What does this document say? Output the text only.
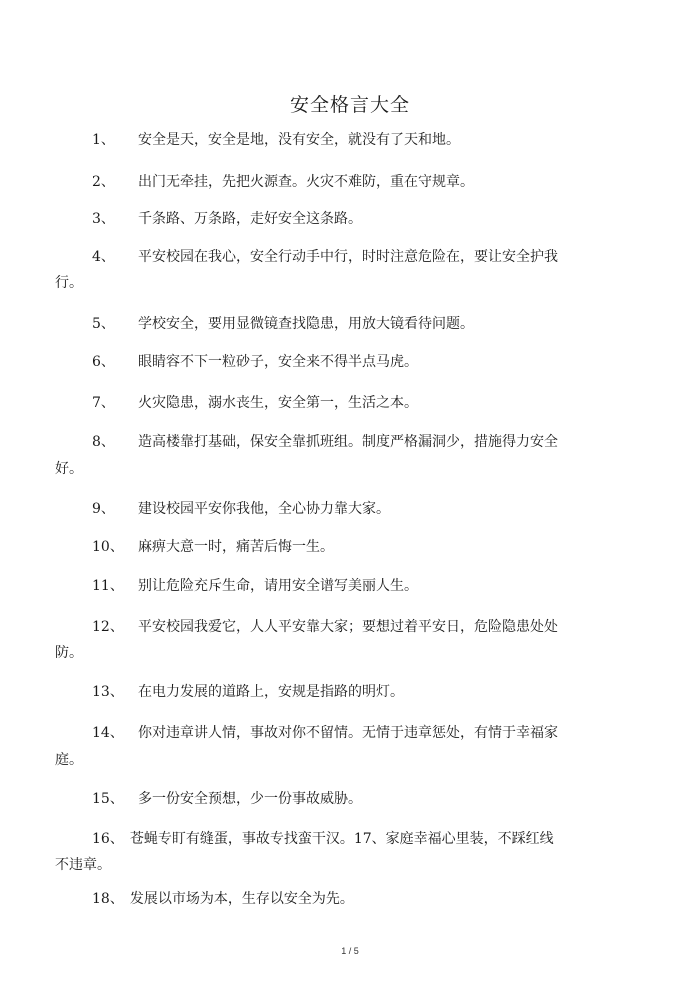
安全格言大全
1、 安全是天，安全是地，没有安全，就没有了天和地。
2、 出门无牵挂，先把火源查。火灾不难防，重在守规章。
3、 千条路、万条路，走好安全这条路。
4、 平安校园在我心，安全行动手中行，时时注意危险在，要让安全护我
行。
5、 学校安全，要用显微镜查找隐患，用放大镜看待问题。
6、 眼睛容不下一粒砂子，安全来不得半点马虎。
7、 火灾隐患，溺水丧生，安全第一，生活之本。
8、 造高楼靠打基础，保安全靠抓班组。制度严格漏洞少，措施得力安全
好。
9、 建设校园平安你我他，全心协力靠大家。
10、 麻痹大意一时，痛苦后悔一生。
11、 别让危险充斥生命，请用安全谱写美丽人生。
12、 平安校园我爱它，人人平安靠大家；要想过着平安日，危险隐患处处
防。
13、 在电力发展的道路上，安规是指路的明灯。
14、 你对违章讲人情，事故对你不留情。无情于违章惩处，有情于幸福家
庭。
15、 多一份安全预想，少一份事故威胁。
16、 苍蝇专盯有缝蛋，事故专找蛮干汉。17、家庭幸福心里装，不踩红线
不违章。
18、 发展以市场为本，生存以安全为先。
1 / 5
